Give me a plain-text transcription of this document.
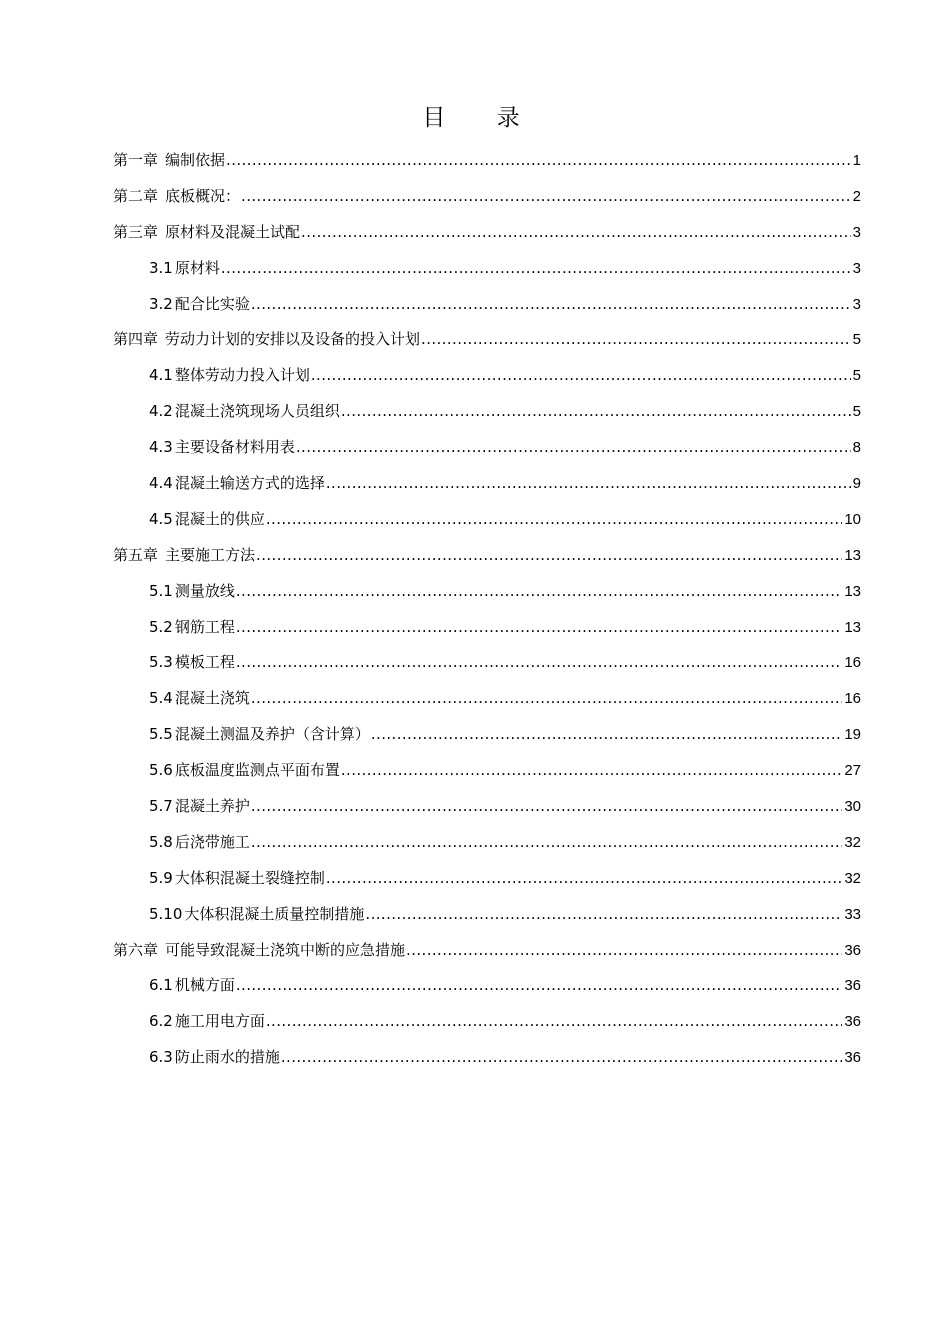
目 录
第一章 编制依据 .....	1
第二章 底板概况： .....	2
第三章 原材料及混凝土试配 .....	3
3.1 原材料 .....	3
3.2 配合比实验 .....	3
第四章 劳动力计划的安排以及设备的投入计划 .....	5
4.1 整体劳动力投入计划 .....	5
4.2 混凝土浇筑现场人员组织 .....	5
4.3 主要设备材料用表 .....	8
4.4 混凝土输送方式的选择 .....	9
4.5 混凝土的供应 .....	10
第五章 主要施工方法 .....	13
5.1 测量放线 .....	13
5.2 钢筋工程 .....	13
5.3 模板工程 .....	16
5.4 混凝土浇筑 .....	16
5.5 混凝土测温及养护（含计算） .....	19
5.6 底板温度监测点平面布置 .....	27
5.7 混凝土养护 .....	30
5.8 后浇带施工 .....	32
5.9 大体积混凝土裂缝控制 .....	32
5.10 大体积混凝土质量控制措施 .....	33
第六章 可能导致混凝土浇筑中断的应急措施 .....	36
6.1 机械方面 .....	36
6.2 施工用电方面 .....	36
6.3 防止雨水的措施 .....	36
